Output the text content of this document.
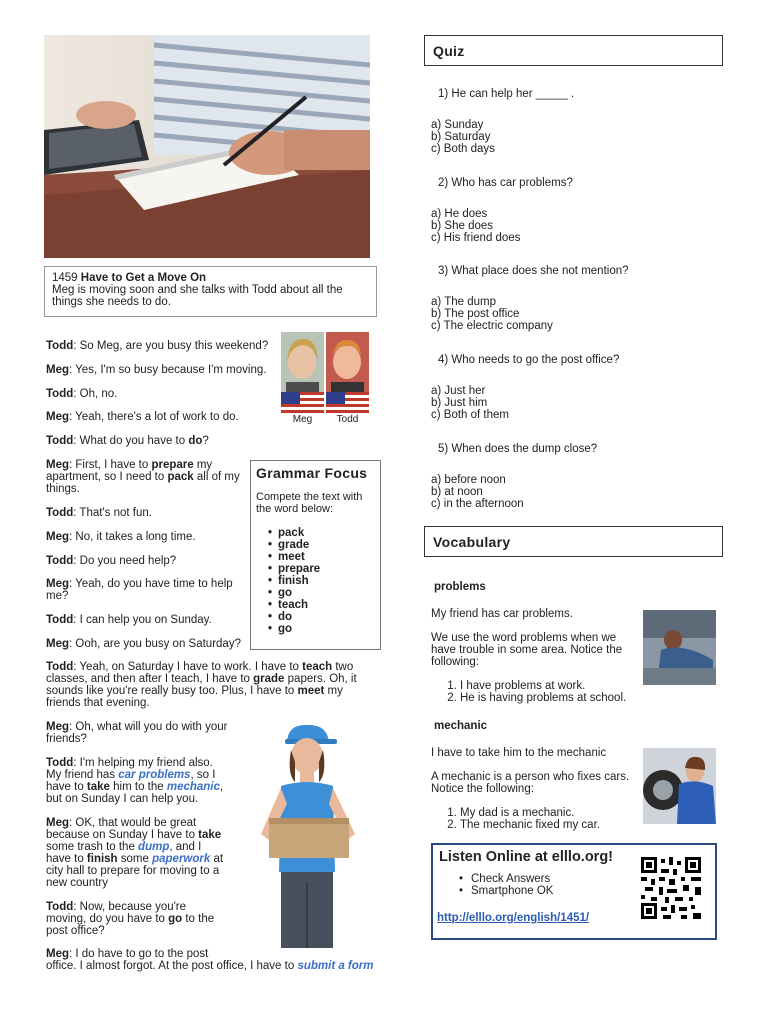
1459 Have to Get a Move On
Meg is moving soon and she talks with Todd about all the things she needs to do.
Meg	Todd
Todd: So Meg, are you busy this weekend?
Meg: Yes, I'm so busy because I'm moving.
Todd: Oh, no.
Meg: Yeah, there's a lot of work to do.
Todd: What do you have to do?
Meg: First, I have to prepare my
apartment, so I need to pack all of my
things.
Todd: That's not fun.
Meg: No, it takes a long time.
Todd: Do you need help?
Meg: Yeah, do you have time to help
me?
Todd: I can help you on Sunday.
Meg: Ooh, are you busy on Saturday?
Todd: Yeah, on Saturday I have to work. I have to teach two
classes, and then after I teach, I have to grade papers. Oh, it
sounds like you're really busy too. Plus, I have to meet my
friends that evening.
Meg: Oh, what will you do with your
friends?
Todd: I'm helping my friend also.
My friend has car problems, so I
have to take him to the mechanic,
but on Sunday I can help you.
Meg: OK, that would be great
because on Sunday I have to take
some trash to the dump, and I
have to finish some paperwork at
city hall to prepare for moving to a
new country
Todd: Now, because you're
moving, do you have to go to the
post office?
Meg: I do have to go to the post
office. I almost forgot. At the post office, I have to submit a form
Grammar Focus

Compete the text with the word below:

• pack
• grade
• meet
• prepare
• finish
• go
• teach
• do
• go
Quiz
1) He can help her _____ .
a) Sunday
b) Saturday
c) Both days
2) Who has car problems?
a) He does
b) She does
c) His friend does
3) What place does she not mention?
a) The dump
b) The post office
c) The electric company
4) Who needs to go the post office?
a) Just her
b) Just him
c) Both of them
5) When does the dump close?
a) before noon
b) at noon
c) in the afternoon
Vocabulary
problems
My friend has car problems.
We use the word problems when we
have trouble in some area. Notice the
following:
1. I have problems at work.
2. He is having problems at school.
mechanic
I have to take him to the mechanic
A mechanic is a person who fixes cars.
Notice the following:
1. My dad is a mechanic.
2. The mechanic fixed my car.
Listen Online at elllo.org!
• Check Answers
• Smartphone OK
http://elllo.org/english/1451/
